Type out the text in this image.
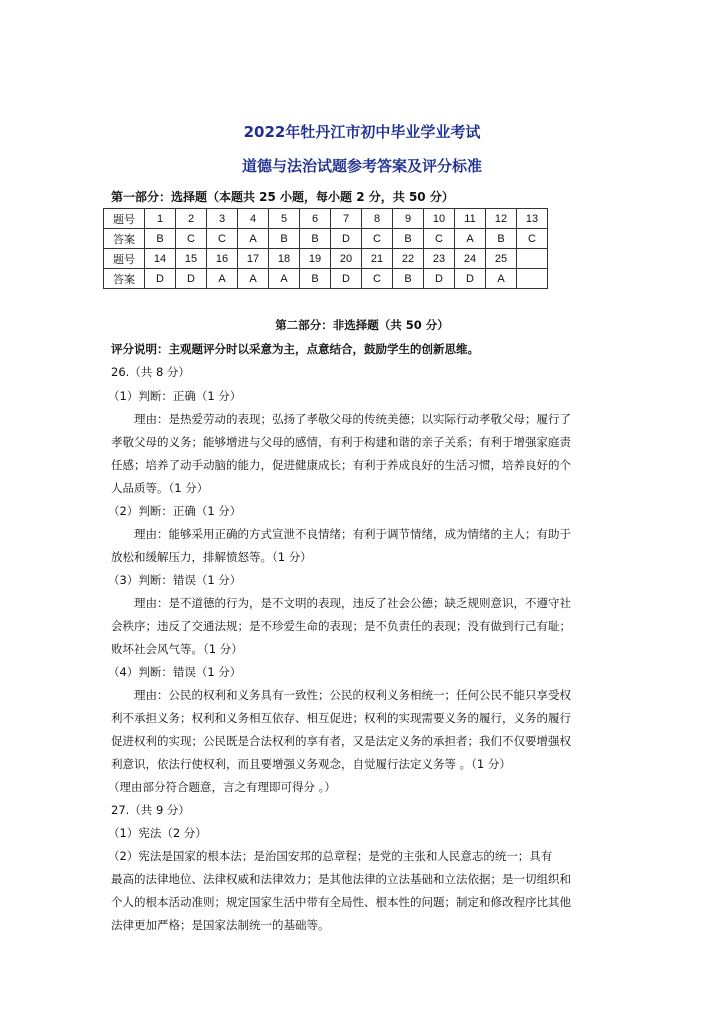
2022年牡丹江市初中毕业学业考试
道德与法治试题参考答案及评分标准
第一部分：选择题（本题共 25 小题，每小题 2 分，共 50 分）
题号	1	2	3	4	5	6	7	8	9	10	11	12	13
答案	B	C	C	A	B	B	D	C	B	C	A	B	C
题号	14	15	16	17	18	19	20	21	22	23	24	25	
答案	D	D	A	A	A	B	D	C	B	D	D	A	
第二部分：非选择题（共 50 分）
评分说明：主观题评分时以采意为主，点意结合，鼓励学生的创新思维。
26.（共 8 分）
（1）判断：正确（1 分）
理由：是热爱劳动的表现；弘扬了孝敬父母的传统美德；以实际行动孝敬父母；履行了
孝敬父母的义务；能够增进与父母的感情，有利于构建和谐的亲子关系；有利于增强家庭责
任感；培养了动手动脑的能力，促进健康成长；有利于养成良好的生活习惯，培养良好的个
人品质等。（1 分）
（2）判断：正确（1 分）
理由：能够采用正确的方式宣泄不良情绪；有利于调节情绪，成为情绪的主人；有助于
放松和缓解压力，排解愤怒等。（1 分）
（3）判断：错误（1 分）
理由：是不道德的行为，是不文明的表现，违反了社会公德；缺乏规则意识，不遵守社
会秩序；违反了交通法规；是不珍爱生命的表现；是不负责任的表现；没有做到行己有耻；
败坏社会风气等。（1 分）
（4）判断：错误（1 分）
理由：公民的权利和义务具有一致性；公民的权利义务相统一；任何公民不能只享受权
利不承担义务；权利和义务相互依存、相互促进；权利的实现需要义务的履行，义务的履行
促进权利的实现；公民既是合法权利的享有者，又是法定义务的承担者；我们不仅要增强权
利意识，依法行使权利，而且要增强义务观念，自觉履行法定义务等 。（1 分）
（理由部分符合题意，言之有理即可得分 。）
27.（共 9 分）
（1）宪法（2 分）
（2）宪法是国家的根本法；是治国安邦的总章程；是党的主张和人民意志的统一；具有
最高的法律地位、法律权威和法律效力；是其他法律的立法基础和立法依据；是一切组织和
个人的根本活动准则；规定国家生活中带有全局性、根本性的问题；制定和修改程序比其他
法律更加严格；是国家法制统一的基础等。
